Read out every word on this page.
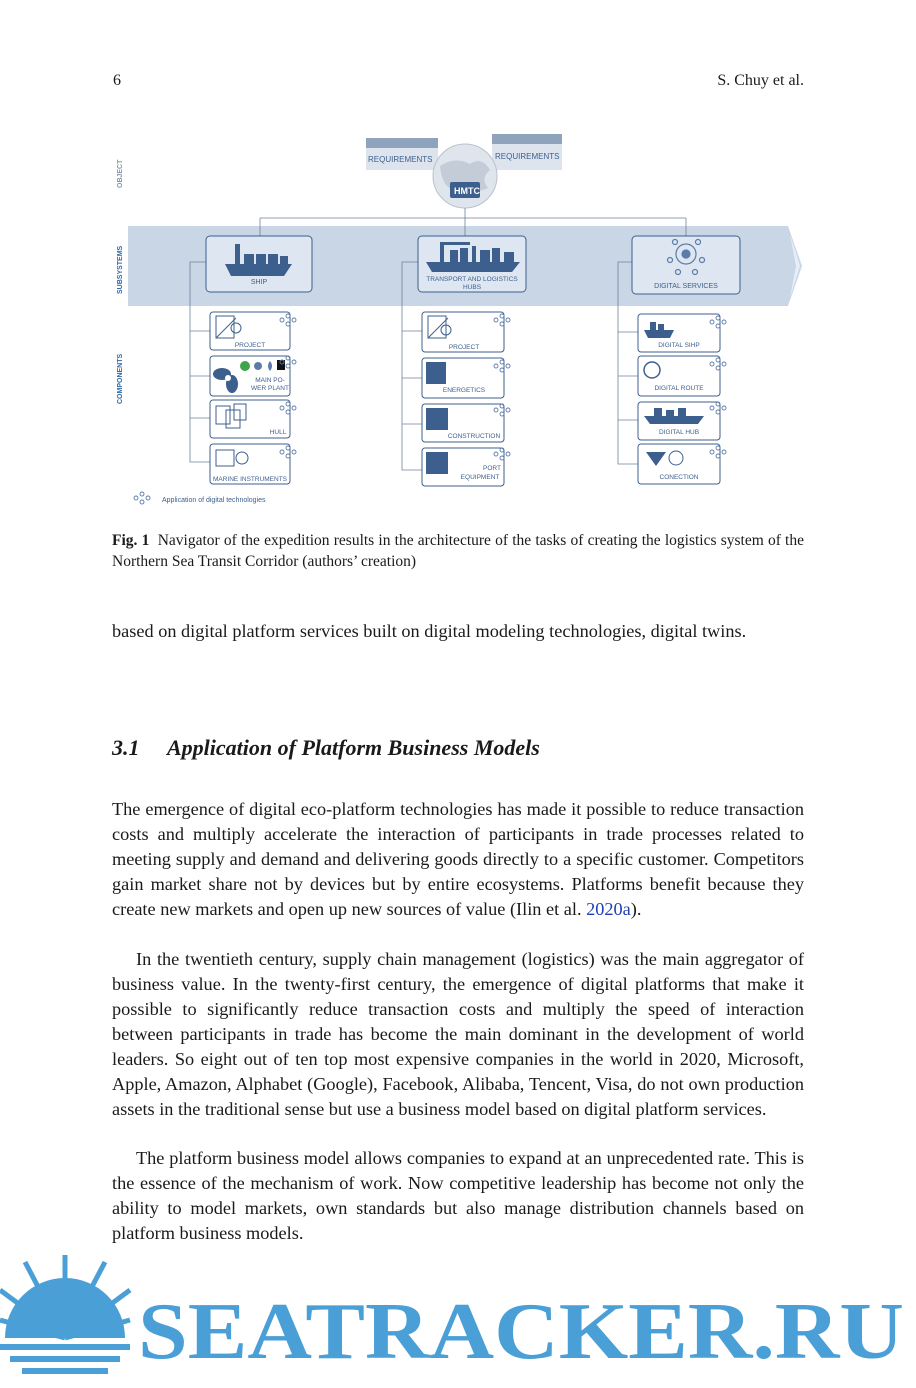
6	S. Chuy et al.
OBJECT
SUBSYSTEMS
COMPONENTS
REQUIREMENTS	REQUIREMENTS
НМТС
SHIP	TRANSPORT AND LOGISTICS
HUBS	DIGITAL SERVICES
PROJECT
MAIN PO-
WER PLANT
HULL
MARINE INSTRUMENTS
PROJECT
ENERGETICS
CONSTRUCTION
PORT
EQUIPMENT
DIGITAL SIHP
DIGITAL ROUTE
DIGITAL HUB
CONECTION
Application of digital technologies
Fig. 1 Navigator of the expedition results in the architecture of the tasks of creating the logistics system of the Northern Sea Transit Corridor (authors’ creation)

based on digital platform services built on digital modeling technologies, digital twins.

3.1 Application of Platform Business Models

The emergence of digital eco-platform technologies has made it possible to reduce transaction costs and multiply accelerate the interaction of participants in trade processes related to meeting supply and demand and delivering goods directly to a specific customer. Competitors gain market share not by devices but by entire ecosystems. Platforms benefit because they create new markets and open up new sources of value (Ilin et al. 2020a).

In the twentieth century, supply chain management (logistics) was the main aggregator of business value. In the twenty-first century, the emergence of digital platforms that make it possible to significantly reduce transaction costs and multiply the speed of interaction between participants in trade has become the main dominant in the development of world leaders. So eight out of ten top most expensive companies in the world in 2020, Microsoft, Apple, Amazon, Alphabet (Google), Facebook, Alibaba, Tencent, Visa, do not own production assets in the traditional sense but use a business model based on digital platform services.

The platform business model allows companies to expand at an unprecedented rate. This is the essence of the mechanism of work. Now competitive leadership has become not only the ability to model markets, own standards but also manage distribution channels based on platform business models.

SEATRACKER.RU
